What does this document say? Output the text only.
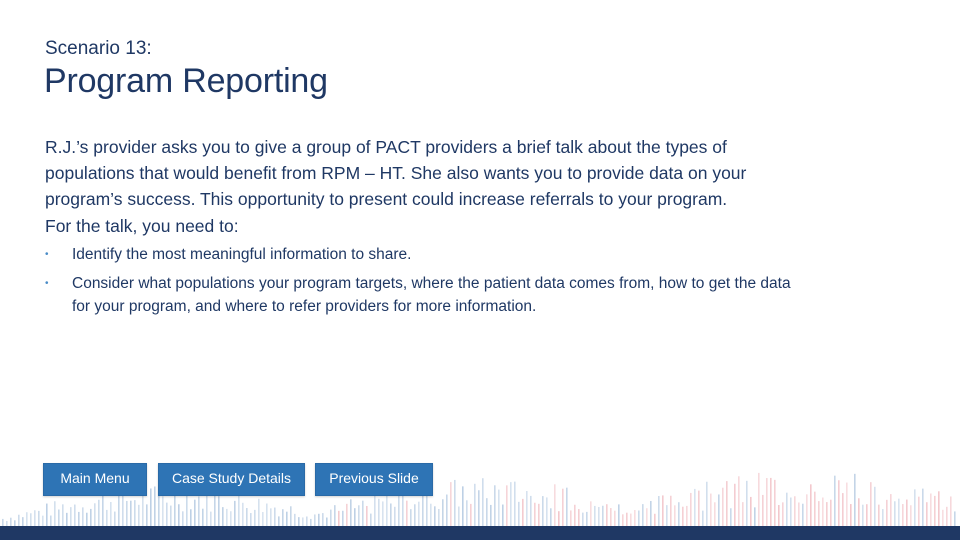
Scenario 13:
Program Reporting

R.J.’s provider asks you to give a group of PACT providers a brief talk about the types of populations that would benefit from RPM – HT. She also wants you to provide data on your program’s success. This opportunity to present could increase referrals to your program.

For the talk, you need to:

• Identify the most meaningful information to share.
• Consider what populations your program targets, where the patient data comes from, how to get the data for your program, and where to refer providers for more information.
Main Menu	Case Study Details	Previous Slide
